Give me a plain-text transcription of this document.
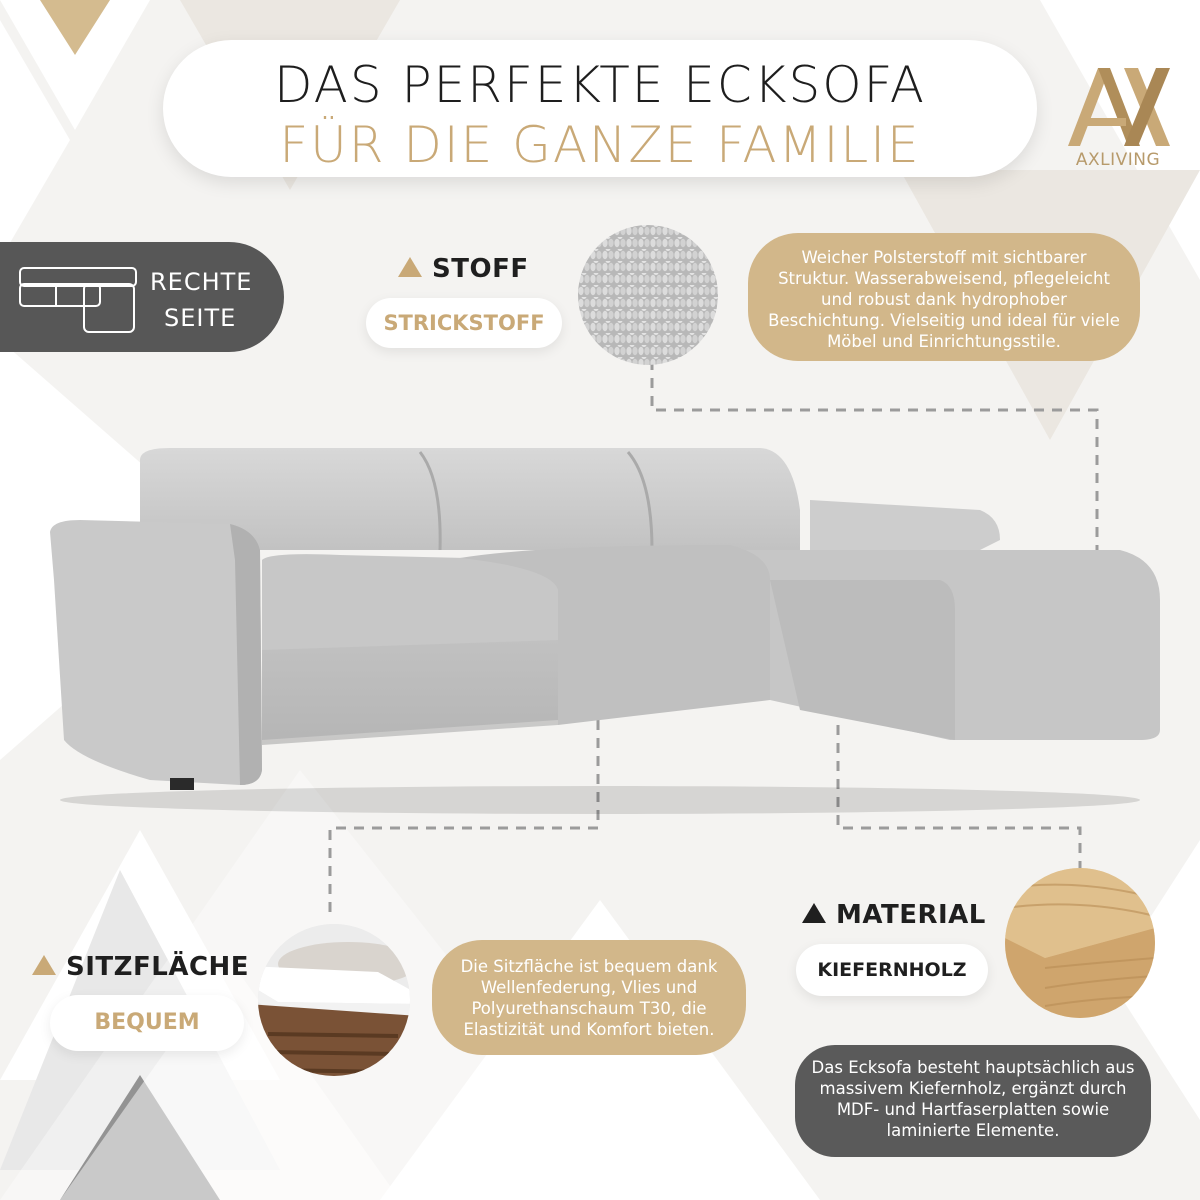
DAS PERFEKTE ECKSOFA
FÜR DIE GANZE FAMILIE	AXLIVING
RECHTE
SEITE
STOFF
STRICKSTOFF
Weicher Polsterstoff mit sichtbarer Struktur. Wasserabweisend, pflegeleicht und robust dank hydrophober Beschichtung. Vielseitig und ideal für viele Möbel und Einrichtungsstile.
SITZFLÄCHE
BEQUEM
Die Sitzfläche ist bequem dank Wellenfederung, Vlies und Polyurethanschaum T30, die Elastizität und Komfort bieten.
MATERIAL
KIEFERNHOLZ
Das Ecksofa besteht hauptsächlich aus massivem Kiefernholz, ergänzt durch MDF- und Hartfaserplatten sowie laminierte Elemente.
